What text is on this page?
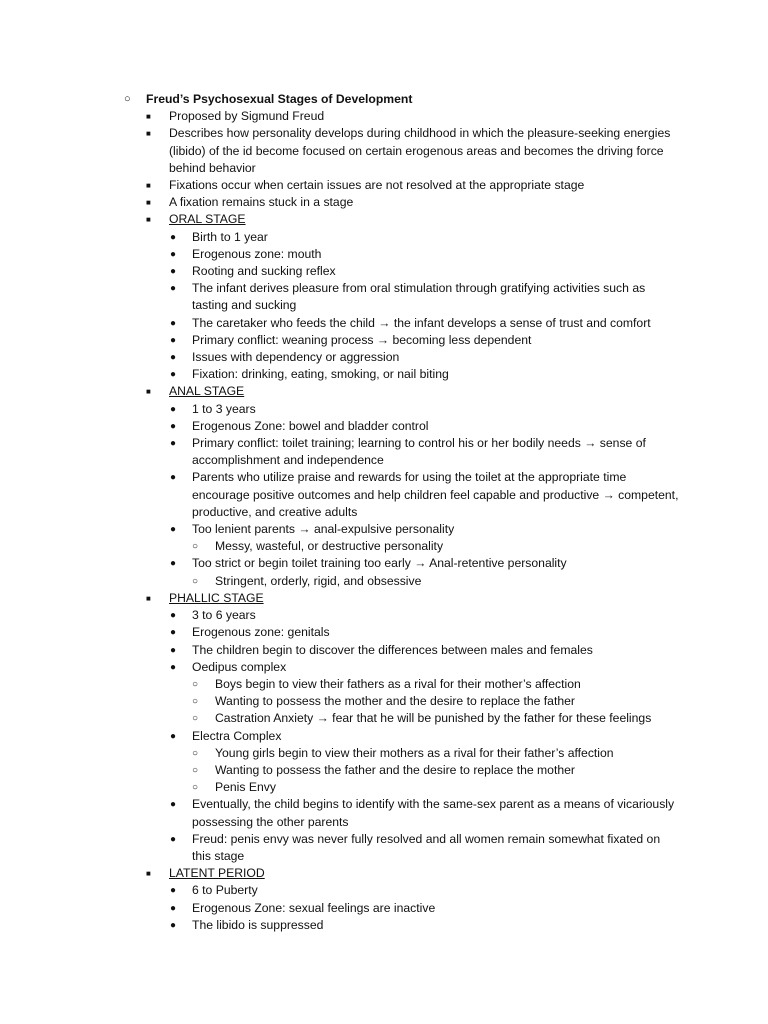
○ Freud’s Psychosexual Stages of Development
■ Proposed by Sigmund Freud
■ Describes how personality develops during childhood in which the pleasure-seeking energies (libido) of the id become focused on certain erogenous areas and becomes the driving force behind behavior
■ Fixations occur when certain issues are not resolved at the appropriate stage
■ A fixation remains stuck in a stage
■ ORAL STAGE
● Birth to 1 year
● Erogenous zone: mouth
● Rooting and sucking reflex
● The infant derives pleasure from oral stimulation through gratifying activities such as tasting and sucking
● The caretaker who feeds the child → the infant develops a sense of trust and comfort
● Primary conflict: weaning process → becoming less dependent
● Issues with dependency or aggression
● Fixation: drinking, eating, smoking, or nail biting
■ ANAL STAGE
● 1 to 3 years
● Erogenous Zone: bowel and bladder control
● Primary conflict: toilet training; learning to control his or her bodily needs → sense of accomplishment and independence
● Parents who utilize praise and rewards for using the toilet at the appropriate time encourage positive outcomes and help children feel capable and productive → competent, productive, and creative adults
● Too lenient parents → anal-expulsive personality
○ Messy, wasteful, or destructive personality
● Too strict or begin toilet training too early → Anal-retentive personality
○ Stringent, orderly, rigid, and obsessive
■ PHALLIC STAGE
● 3 to 6 years
● Erogenous zone: genitals
● The children begin to discover the differences between males and females
● Oedipus complex
○ Boys begin to view their fathers as a rival for their mother’s affection
○ Wanting to possess the mother and the desire to replace the father
○ Castration Anxiety → fear that he will be punished by the father for these feelings
● Electra Complex
○ Young girls begin to view their mothers as a rival for their father’s affection
○ Wanting to possess the father and the desire to replace the mother
○ Penis Envy
● Eventually, the child begins to identify with the same-sex parent as a means of vicariously possessing the other parents
● Freud: penis envy was never fully resolved and all women remain somewhat fixated on this stage
■ LATENT PERIOD
● 6 to Puberty
● Erogenous Zone: sexual feelings are inactive
● The libido is suppressed
